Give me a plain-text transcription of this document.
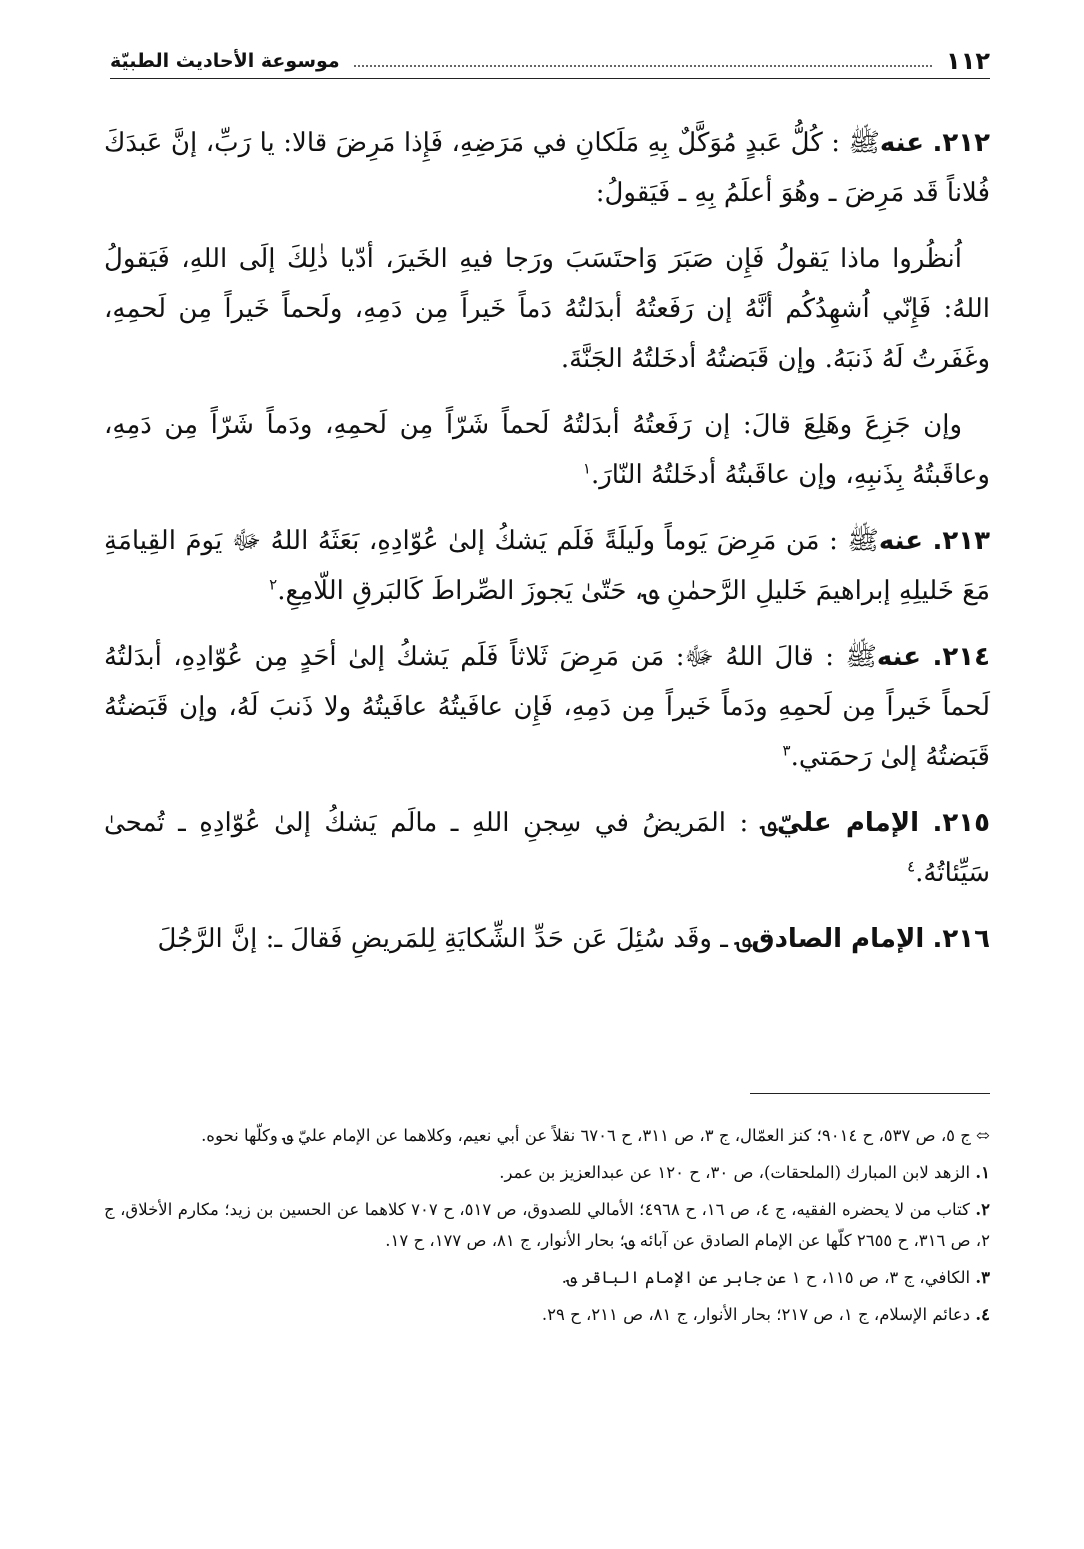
١١٢
موسوعة الأحاديث الطبيّة

٢١٢. عنهﷺ : كُلُّ عَبدٍ مُوَكَّلٌ بِهِ مَلَكانِ في مَرَضِهِ، فَإِذا مَرِضَ قالا: يا رَبِّ، إنَّ عَبدَكَ فُلاناً قَد مَرِضَ ـ وهُوَ أعلَمُ بِهِ ـ فَيَقولُ:

اُنظُروا ماذا يَقولُ فَإِن صَبَرَ وَاحتَسَبَ ورَجا فيهِ الخَيرَ، أدّيا ذٰلِكَ إلَى اللهِ، فَيَقولُ اللهُ: فَإِنّي اُشهِدُكُم أنَّهُ إن رَفَعتُهُ أبدَلتُهُ دَماً خَيراً مِن دَمِهِ، ولَحماً خَيراً مِن لَحمِهِ، وغَفَرتُ لَهُ ذَنبَهُ. وإن قَبَضتُهُ أدخَلتُهُ الجَنَّةَ.

وإن جَزِعَ وهَلِعَ قالَ: إن رَفَعتُهُ أبدَلتُهُ لَحماً شَرّاً مِن لَحمِهِ، ودَماً شَرّاً مِن دَمِهِ، وعاقَبتُهُ بِذَنبِهِ، وإن عاقَبتُهُ أدخَلتُهُ النّارَ.$^١$

٢١٣. عنهﷺ : مَن مَرِضَ يَوماً ولَيلَةً فَلَم يَشكُ إلىٰ عُوّادِهِ، بَعَثَهُ اللهُ ﷻ يَومَ القِيامَةِ مَعَ خَليلِهِ إبراهيمَ خَليلِ الرَّحمٰنِ ؈، حَتّىٰ يَجوزَ الصِّراطَ كَالبَرقِ اللّامِعِ.$^٢$

٢١٤. عنهﷺ : قالَ اللهُ ﷻ: مَن مَرِضَ ثَلاثاً فَلَم يَشكُ إلىٰ أحَدٍ مِن عُوّادِهِ، أبدَلتُهُ لَحماً خَيراً مِن لَحمِهِ ودَماً خَيراً مِن دَمِهِ، فَإِن عافَيتُهُ عافَيتُهُ ولا ذَنبَ لَهُ، وإن قَبَضتُهُ قَبَضتُهُ إلىٰ رَحمَتي.$^٣$

٢١٥. الإمام عليّ؈ : المَريضُ في سِجنِ اللهِ ـ مالَم يَشكُ إلىٰ عُوّادِهِ ـ تُمحىٰ سَيِّئاتُهُ.$^٤$

٢١٦. الإمام الصادق؈ ـ وقَد سُئِلَ عَن حَدِّ الشِّكايَةِ لِلمَريضِ فَقالَ ـ: إنَّ الرَّجُلَ

⬄ ج ٥، ص ٥٣٧، ح ٩٠١٤؛ كنز العمّال، ج ٣، ص ٣١١، ح ٦٧٠٦ نقلاً عن أبي نعيم، وكلاهما عن الإمام عليّ ؈ وكلّها نحوه.

١. الزهد لابن المبارك (الملحقات)، ص ٣٠، ح ١٢٠ عن عبدالعزيز بن عمر.

٢. كتاب من لا يحضره الفقيه، ج ٤، ص ١٦، ح ٤٩٦٨؛ الأمالي للصدوق، ص ٥١٧، ح ٧٠٧ كلاهما عن الحسين بن زيد؛ مكارم الأخلاق، ج ٢، ص ٣١٦، ح ٢٦٥٥ كلّها عن الإمام الصادق عن آبائه ؈؛ بحار الأنوار، ج ٨١، ص ١٧٧، ح ١٧.

٣. الكافي، ج ٣، ص ١١٥، ح ١ عن جابر عن الإمام الباقر ؈.

٤. دعائم الإسلام، ج ١، ص ٢١٧؛ بحار الأنوار، ج ٨١، ص ٢١١، ح ٢٩.
